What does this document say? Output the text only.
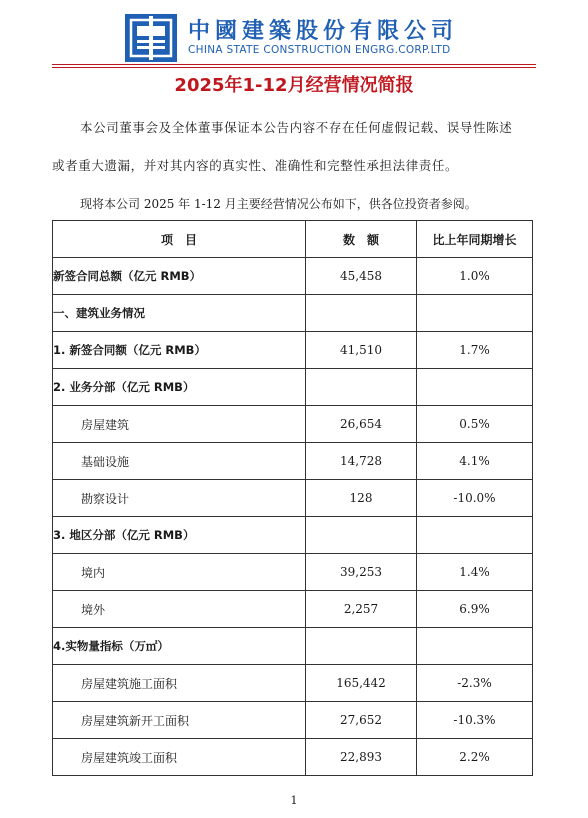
中國建築股份有限公司
CHINA STATE CONSTRUCTION ENGRG.CORP.LTD
2025年1-12月经营情况简报
本公司董事会及全体董事保证本公告内容不存在任何虚假记载、误导性陈述
或者重大遗漏，并对其内容的真实性、准确性和完整性承担法律责任。
现将本公司 2025 年 1-12 月主要经营情况公布如下，供各位投资者参阅。
项　目	数　额	比上年同期增长
新签合同总额（亿元 RMB）	45,458	1.0%
一、建筑业务情况		
1. 新签合同额（亿元 RMB）	41,510	1.7%
2. 业务分部（亿元 RMB）		
房屋建筑	26,654	0.5%
基础设施	14,728	4.1%
勘察设计	128	-10.0%
3. 地区分部（亿元 RMB）		
境内	39,253	1.4%
境外	2,257	6.9%
4.实物量指标（万㎡）		
房屋建筑施工面积	165,442	-2.3%
房屋建筑新开工面积	27,652	-10.3%
房屋建筑竣工面积	22,893	2.2%
1
